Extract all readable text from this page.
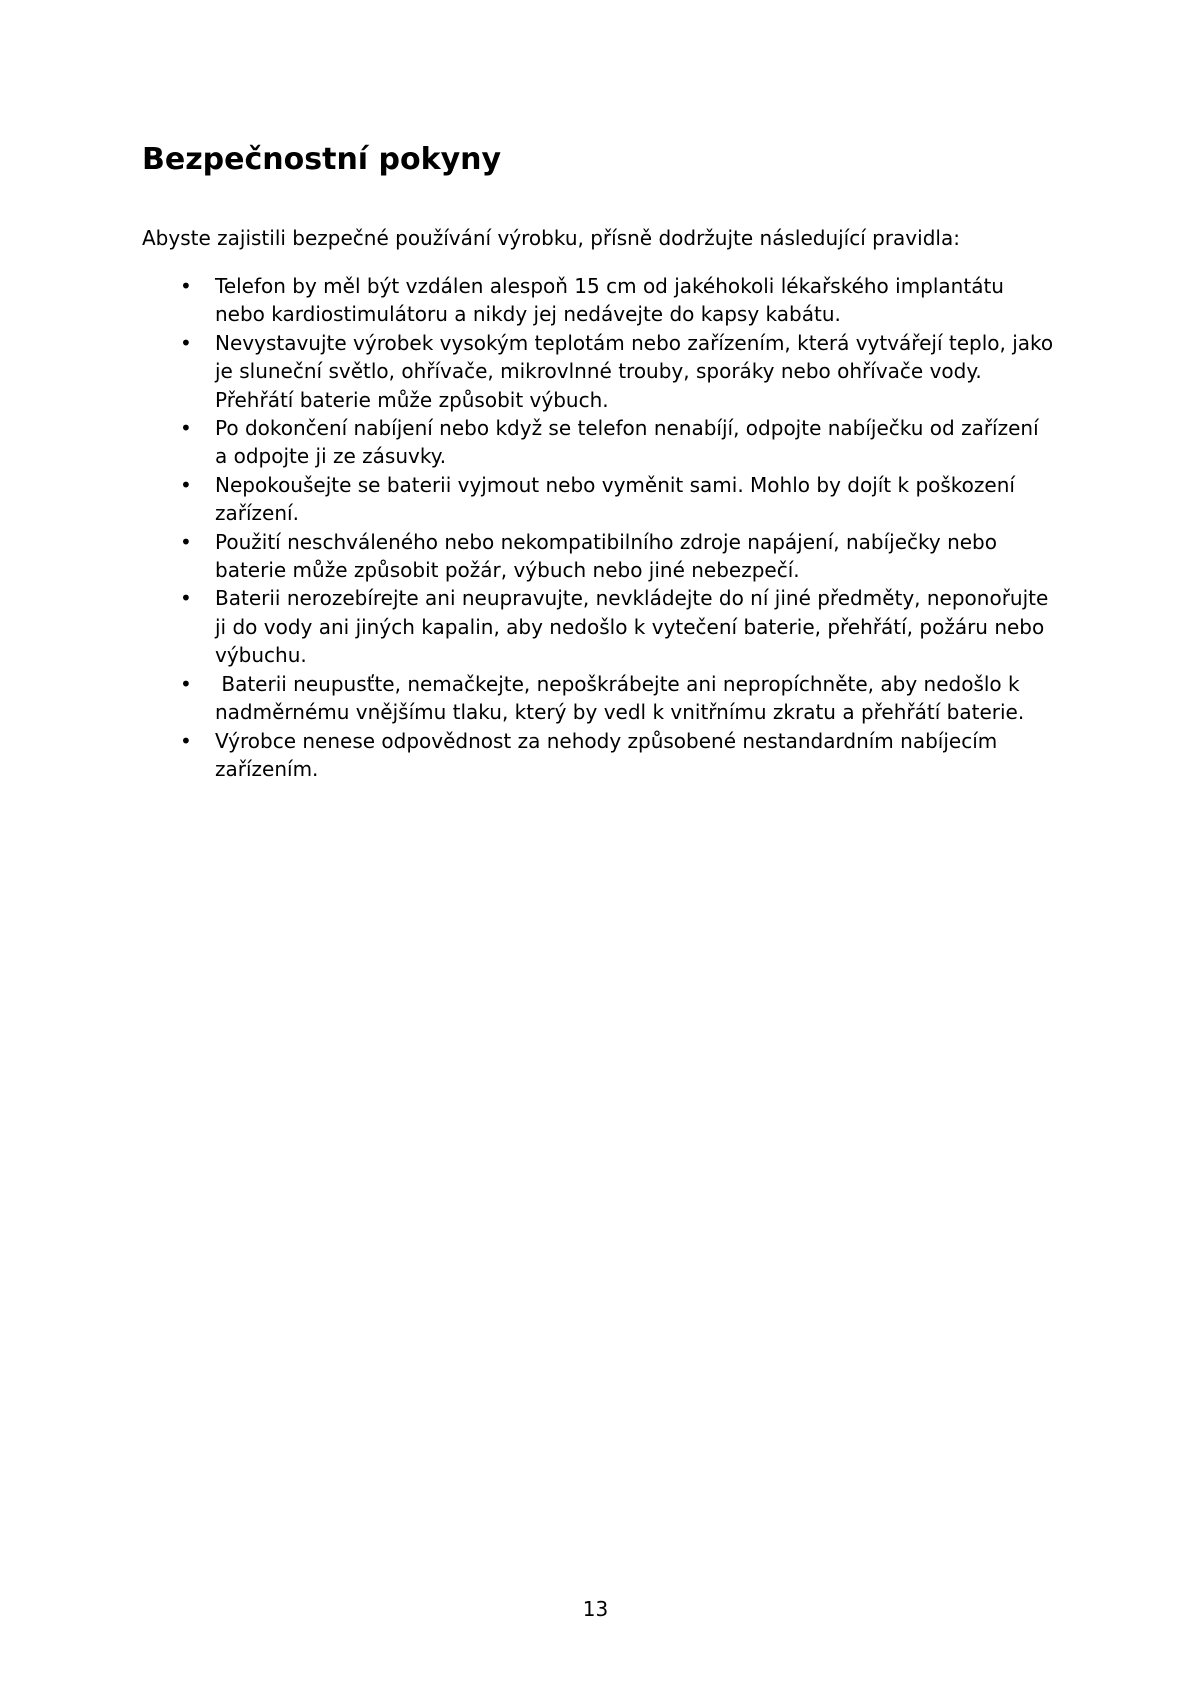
Bezpečnostní pokyny

Abyste zajistili bezpečné používání výrobku, přísně dodržujte následující pravidla:

• Telefon by měl být vzdálen alespoň 15 cm od jakéhokoli lékařského implantátu
nebo kardiostimulátoru a nikdy jej nedávejte do kapsy kabátu.
• Nevystavujte výrobek vysokým teplotám nebo zařízením, která vytvářejí teplo, jako
je sluneční světlo, ohřívače, mikrovlnné trouby, sporáky nebo ohřívače vody.
Přehřátí baterie může způsobit výbuch.
• Po dokončení nabíjení nebo když se telefon nenabíjí, odpojte nabíječku od zařízení
a odpojte ji ze zásuvky.
• Nepokoušejte se baterii vyjmout nebo vyměnit sami. Mohlo by dojít k poškození
zařízení.
• Použití neschváleného nebo nekompatibilního zdroje napájení, nabíječky nebo
baterie může způsobit požár, výbuch nebo jiné nebezpečí.
• Baterii nerozebírejte ani neupravujte, nevkládejte do ní jiné předměty, neponořujte
ji do vody ani jiných kapalin, aby nedošlo k vytečení baterie, přehřátí, požáru nebo
výbuchu.
• Baterii neupusťte, nemačkejte, nepoškrábejte ani nepropíchněte, aby nedošlo k
nadměrnému vnějšímu tlaku, který by vedl k vnitřnímu zkratu a přehřátí baterie.
• Výrobce nenese odpovědnost za nehody způsobené nestandardním nabíjecím
zařízením.

13
